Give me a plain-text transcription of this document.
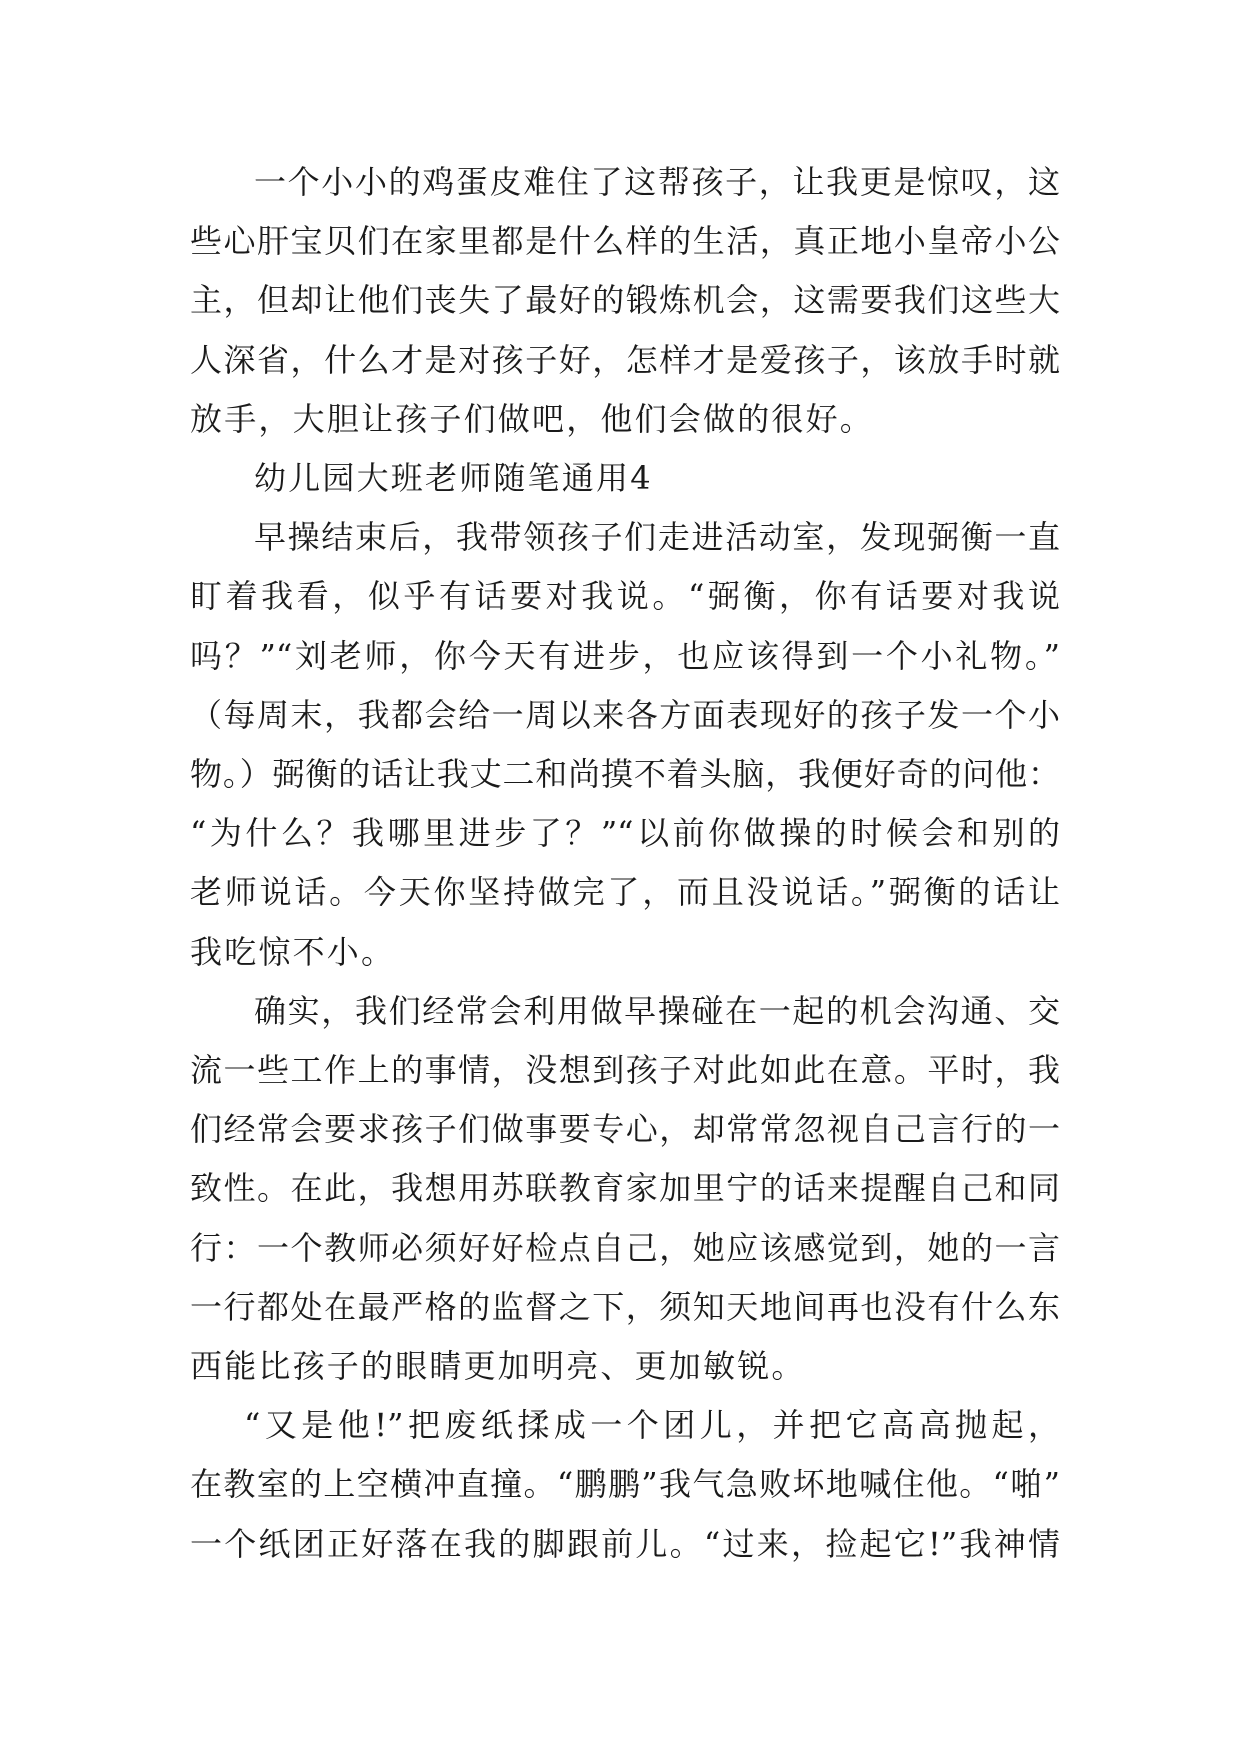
一个小小的鸡蛋皮难住了这帮孩子，让我更是惊叹，这
些心肝宝贝们在家里都是什么样的生活，真正地小皇帝小公
主，但却让他们丧失了最好的锻炼机会，这需要我们这些大
人深省，什么才是对孩子好，怎样才是爱孩子，该放手时就
放手，大胆让孩子们做吧，他们会做的很好。
幼儿园大班老师随笔通用4
早操结束后，我带领孩子们走进活动室，发现弼衡一直
盯着我看，似乎有话要对我说。“弼衡，你有话要对我说
吗？”“刘老师，你今天有进步，也应该得到一个小礼物。”
（每周末，我都会给一周以来各方面表现好的孩子发一个小
物。）弼衡的话让我丈二和尚摸不着头脑，我便好奇的问他：
“为什么？我哪里进步了？”“以前你做操的时候会和别的
老师说话。今天你坚持做完了，而且没说话。”弼衡的话让
我吃惊不小。
确实，我们经常会利用做早操碰在一起的机会沟通、交
流一些工作上的事情，没想到孩子对此如此在意。平时，我
们经常会要求孩子们做事要专心，却常常忽视自己言行的一
致性。在此，我想用苏联教育家加里宁的话来提醒自己和同
行：一个教师必须好好检点自己，她应该感觉到，她的一言
一行都处在最严格的监督之下，须知天地间再也没有什么东
西能比孩子的眼睛更加明亮、更加敏锐。
“又是他!”把废纸揉成一个团儿，并把它高高抛起，
在教室的上空横冲直撞。“鹏鹏”我气急败坏地喊住他。“啪”
一个纸团正好落在我的脚跟前儿。“过来，捡起它!”我神情
